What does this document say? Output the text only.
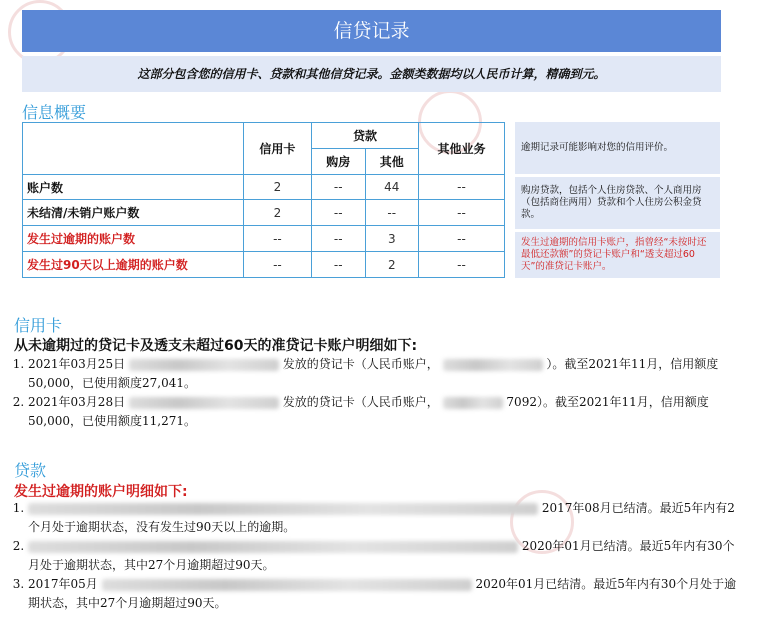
信贷记录
这部分包含您的信用卡、贷款和其他信贷记录。金额类数据均以人民币计算，精确到元。
信息概要
	信用卡	贷款		其他业务
		购房	其他	
账户数	2	--	44	--
未结清/未销户账户数	2	--	--	--
发生过逾期的账户数	--	--	3	--
发生过90天以上逾期的账户数	--	--	2	--
逾期记录可能影响对您的信用评价。
购房贷款，包括个人住房贷款、个人商用房（包括商住两用）贷款和个人住房公积金贷款。
发生过逾期的信用卡账户，指曾经“未按时还最低还款额”的贷记卡账户和“透支超过60天”的准贷记卡账户。
信用卡
从未逾期过的贷记卡及透支未超过60天的准贷记卡账户明细如下:
1. 2021年03月25日	发放的贷记卡（人民币账户，	）。截至2021年11月，信用额度50,000，已使用额度27,041。
2. 2021年03月28日	发放的贷记卡（人民币账户，	7092）。截至2021年11月，信用额度50,000，已使用额度11,271。
贷款
发生过逾期的账户明细如下:
1. 2017年08月已结清。最近5年内有2个月处于逾期状态，没有发生过90天以上的逾期。
2. 2020年01月已结清。最近5年内有30个月处于逾期状态，其中27个月逾期超过90天。
3. 2017年05月	2020年01月已结清。最近5年内有30个月处于逾期状态，其中27个月逾期超过90天。
